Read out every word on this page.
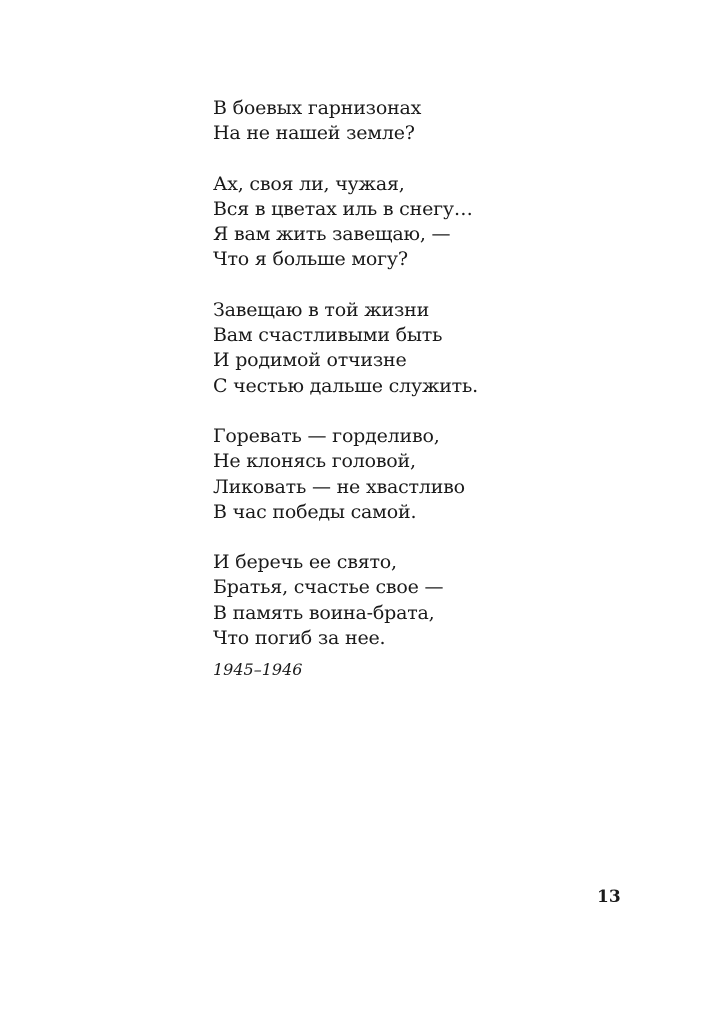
В боевых гарнизонах
На не нашей земле?
Ах, своя ли, чужая,
Вся в цветах иль в снегу…
Я вам жить завещаю, —
Что я больше могу?
Завещаю в той жизни
Вам счастливыми быть
И родимой отчизне
С честью дальше служить.
Горевать — горделиво,
Не клонясь головой,
Ликовать — не хвастливо
В час победы самой.
И беречь ее свято,
Братья, счастье свое —
В память воина-брата,
Что погиб за нее.
1945–1946
13
